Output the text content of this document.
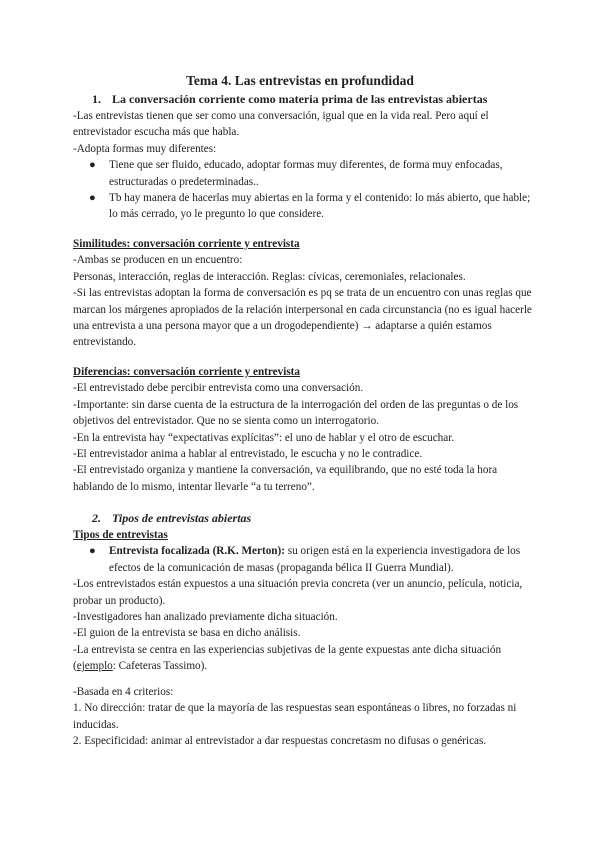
Tema 4. Las entrevistas en profundidad
1. La conversación corriente como materia prima de las entrevistas abiertas

-Las entrevistas tienen que ser como una conversación, igual que en la vida real. Pero aquí el entrevistador escucha más que habla.

-Adopta formas muy diferentes:

● Tiene que ser fluido, educado, adoptar formas muy diferentes, de forma muy enfocadas, estructuradas o predeterminadas..
● Tb hay manera de hacerlas muy abiertas en la forma y el contenido: lo más abierto, que hable; lo más cerrado, yo le pregunto lo que considere.

Similitudes: conversación corriente y entrevista

-Ambas se producen en un encuentro:

Personas, interacción, reglas de interacción. Reglas: cívicas, ceremoniales, relacionales.

-Si las entrevistas adoptan la forma de conversación es pq se trata de un encuentro con unas reglas que marcan los márgenes apropiados de la relación interpersonal en cada circunstancia (no es igual hacerle una entrevista a una persona mayor que a un drogodependiente) → adaptarse a quién estamos entrevistando.

Diferencias: conversación corriente y entrevista

-El entrevistado debe percibir entrevista como una conversación.

-Importante: sin darse cuenta de la estructura de la interrogación del orden de las preguntas o de los objetivos del entrevistador. Que no se sienta como un interrogatorio.

-En la entrevista hay “expectativas explícitas”: el uno de hablar y el otro de escuchar.

-El entrevistador anima a hablar al entrevistado, le escucha y no le contradice.

-El entrevistado organiza y mantiene la conversación, va equilibrando, que no esté toda la hora hablando de lo mismo, intentar llevarle “a tu terreno”.

2. Tipos de entrevistas abiertas

Tipos de entrevistas

● Entrevista focalizada (R.K. Merton): su origen está en la experiencia investigadora de los efectos de la comunicación de masas (propaganda bélica II Guerra Mundial).

-Los entrevistados están expuestos a una situación previa concreta (ver un anuncio, película, noticia, probar un producto).

-Investigadores han analizado previamente dicha situación.

-El guion de la entrevista se basa en dicho análisis.

-La entrevista se centra en las experiencias subjetivas de la gente expuestas ante dicha situación (ejemplo: Cafeteras Tassimo).

-Basada en 4 criterios:

1. No dirección: tratar de que la mayoría de las respuestas sean espontáneas o libres, no forzadas ni inducidas.

2. Especificidad: animar al entrevistador a dar respuestas concretasm no difusas o genéricas.
